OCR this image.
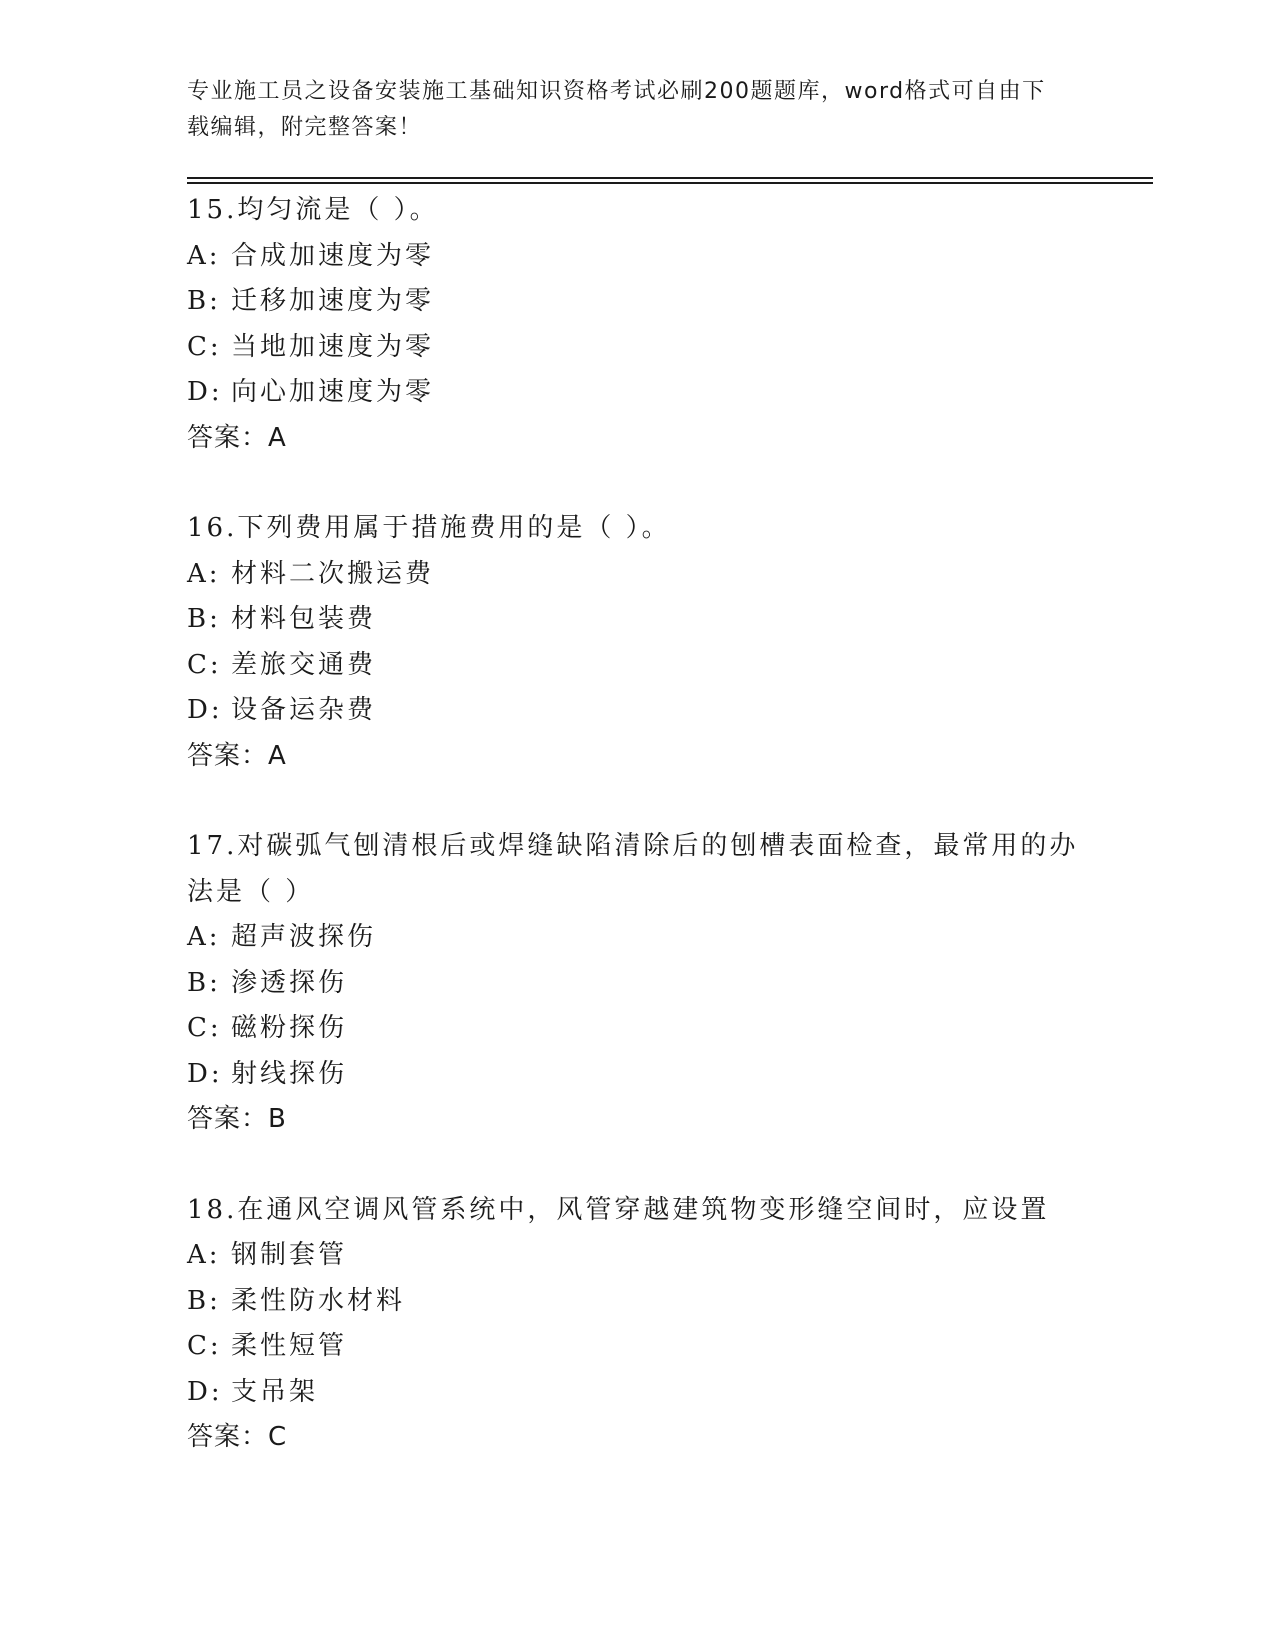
专业施工员之设备安装施工基础知识资格考试必刷200题题库，word格式可自由下载编辑，附完整答案！
15.均匀流是（ ）。
A: 合成加速度为零
B: 迁移加速度为零
C: 当地加速度为零
D: 向心加速度为零
答案：A
16.下列费用属于措施费用的是（ ）。
A: 材料二次搬运费
B: 材料包装费
C: 差旅交通费
D: 设备运杂费
答案：A
17.对碳弧气刨清根后或焊缝缺陷清除后的刨槽表面检查，最常用的办法是（ ）
A: 超声波探伤
B: 渗透探伤
C: 磁粉探伤
D: 射线探伤
答案：B
18.在通风空调风管系统中，风管穿越建筑物变形缝空间时，应设置
A: 钢制套管
B: 柔性防水材料
C: 柔性短管
D: 支吊架
答案：C
